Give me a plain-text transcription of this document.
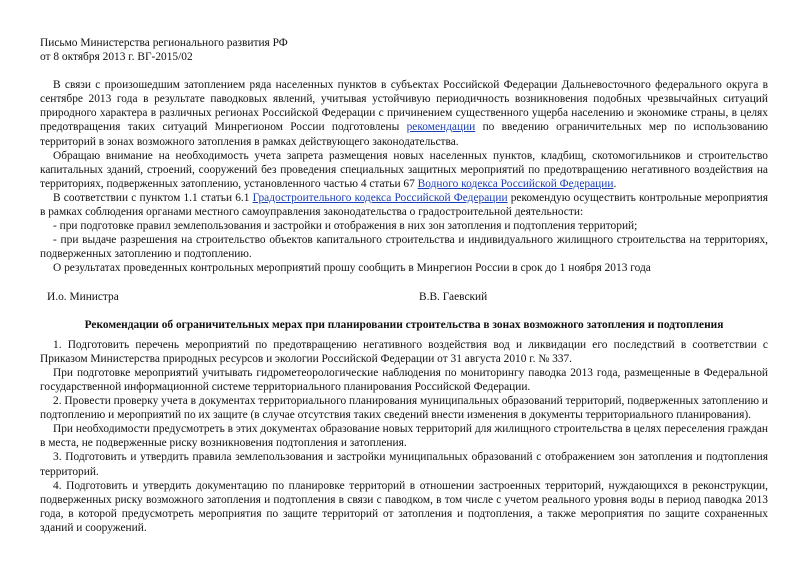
Письмо Министерства регионального развития РФ

от 8 октября 2013 г. ВГ-2015/02

В связи с произошедшим затоплением ряда населенных пунктов в субъектах Российской Федерации Дальневосточного федерального округа в сентябре 2013 года в результате паводковых явлений, учитывая устойчивую периодичность возникновения подобных чрезвычайных ситуаций природного характера в различных регионах Российской Федерации с причинением существенного ущерба населению и экономике страны, в целях предотвращения таких ситуаций Минрегионом России подготовлены рекомендации по введению ограничительных мер по использованию территорий в зонах возможного затопления в рамках действующего законодательства.

Обращаю внимание на необходимость учета запрета размещения новых населенных пунктов, кладбищ, скотомогильников и строительство капитальных зданий, строений, сооружений без проведения специальных защитных мероприятий по предотвращению негативного воздействия на территориях, подверженных затоплению, установленного частью 4 статьи 67 Водного кодекса Российской Федерации.

В соответствии с пунктом 1.1 статьи 6.1 Градостроительного кодекса Российской Федерации рекомендую осуществить контрольные мероприятия в рамках соблюдения органами местного самоуправления законодательства о градостроительной деятельности:

- при подготовке правил землепользования и застройки и отображения в них зон затопления и подтопления территорий;

- при выдаче разрешения на строительство объектов капитального строительства и индивидуального жилищного строительства на территориях, подверженных затоплению и подтоплению.

О результатах проведенных контрольных мероприятий прошу сообщить в Минрегион России в срок до 1 ноября 2013 года

И.о. Министра	В.В. Гаевский

Рекомендации об ограничительных мерах при планировании строительства в зонах возможного затопления и подтопления

1. Подготовить перечень мероприятий по предотвращению негативного воздействия вод и ликвидации его последствий в соответствии с Приказом Министерства природных ресурсов и экологии Российской Федерации от 31 августа 2010 г. № 337.

При подготовке мероприятий учитывать гидрометеорологические наблюдения по мониторингу паводка 2013 года, размещенные в Федеральной государственной информационной системе территориального планирования Российской Федерации.

2. Провести проверку учета в документах территориального планирования муниципальных образований территорий, подверженных затоплению и подтоплению и мероприятий по их защите (в случае отсутствия таких сведений внести изменения в документы территориального планирования).

При необходимости предусмотреть в этих документах образование новых территорий для жилищного строительства в целях переселения граждан в места, не подверженные риску возникновения подтопления и затопления.

3. Подготовить и утвердить правила землепользования и застройки муниципальных образований с отображением зон затопления и подтопления территорий.

4. Подготовить и утвердить документацию по планировке территорий в отношении застроенных территорий, нуждающихся в реконструкции, подверженных риску возможного затопления и подтопления в связи с паводком, в том числе с учетом реального уровня воды в период паводка 2013 года, в которой предусмотреть мероприятия по защите территорий от затопления и подтопления, а также мероприятия по защите сохраненных зданий и сооружений.
